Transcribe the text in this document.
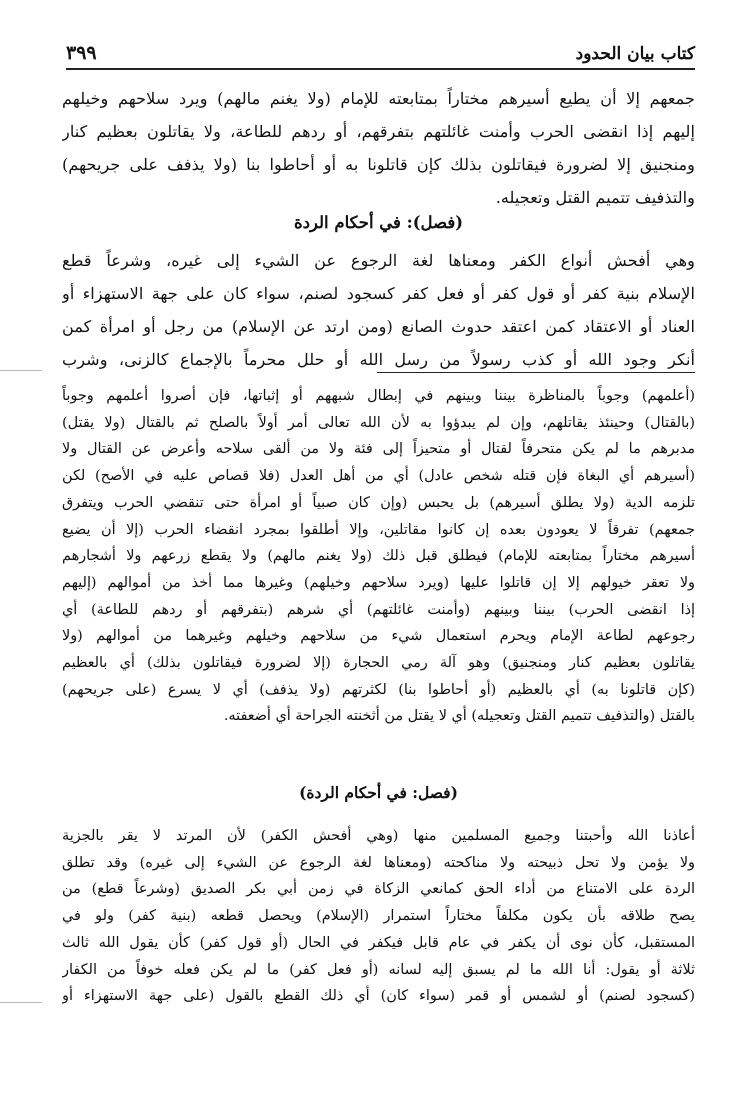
كتاب بيان الحدود
٣٩٩
جمعهم إلا أن يطيع أسيرهم مختاراً بمتابعته للإمام (ولا يغنم مالهم) ويرد سلاحهم وخيلهم
إليهم إذا انقضى الحرب وأمنت غائلتهم بتفرقهم، أو ردهم للطاعة، ولا يقاتلون بعظيم كنار
ومنجنيق إلا لضرورة فيقاتلون بذلك كإن قاتلونا به أو أحاطوا بنا (ولا يذفف على جريحهم)
والتذفيف تتميم القتل وتعجيله.
(فصل): في أحكام الردة
وهي أفحش أنواع الكفر ومعناها لغة الرجوع عن الشيء إلى غيره، وشرعاً قطع
الإسلام بنية كفر أو قول كفر أو فعل كفر كسجود لصنم، سواء كان على جهة الاستهزاء أو
العناد أو الاعتقاد كمن اعتقد حدوث الصانع (ومن ارتد عن الإسلام) من رجل أو امرأة كمن
أنكر وجود الله أو كذب رسولاً من رسل الله أو حلل محرماً بالإجماع كالزنى، وشرب
(أعلمهم) وجوباً بالمناظرة بيننا وبينهم في إبطال شبههم أو إثباتها، فإن أصروا أعلمهم وجوباً
(بالقتال) وحينئذ يقاتلهم، وإن لم يبدؤوا به لأن الله تعالى أمر أولاً بالصلح ثم بالقتال (ولا يقتل)
مدبرهم ما لم يكن متحرفاً لقتال أو متحيزاً إلى فئة ولا من ألقى سلاحه وأعرض عن القتال ولا
(أسيرهم أي البغاة فإن قتله شخص عادل) أي من أهل العدل (فلا قصاص عليه في الأصح) لكن
تلزمه الدية (ولا يطلق أسيرهم) بل يحبس (وإن كان صبياً أو امرأة حتى تنقضي الحرب ويتفرق
جمعهم) تفرقاً لا يعودون بعده إن كانوا مقاتلين، وإلا أطلقوا بمجرد انقضاء الحرب (إلا أن يضيع
أسيرهم مختاراً بمتابعته للإمام) فيطلق قبل ذلك (ولا يغنم مالهم) ولا يقطع زرعهم ولا أشجارهم
ولا تعقر خيولهم إلا إن قاتلوا عليها (ويرد سلاحهم وخيلهم) وغيرها مما أخذ من أموالهم (إليهم
إذا انقضى الحرب) بيننا وبينهم (وأمنت غائلتهم) أي شرهم (بتفرقهم أو ردهم للطاعة) أي
رجوعهم لطاعة الإمام ويحرم استعمال شيء من سلاحهم وخيلهم وغيرهما من أموالهم (ولا
يقاتلون بعظيم كنار ومنجنيق) وهو آلة رمي الحجارة (إلا لضرورة فيقاتلون بذلك) أي بالعظيم
(كإن قاتلونا به) أي بالعظيم (أو أحاطوا بنا) لكثرتهم (ولا يذفف) أي لا يسرع (على جريحهم)
بالقتل (والتذفيف تتميم القتل وتعجيله) أي لا يقتل من أثخنته الجراحة أي أضعفته.
(فصل: في أحكام الردة)
أعاذنا الله وأحبتنا وجميع المسلمين منها (وهي أفحش الكفر) لأن المرتد لا يقر بالجزية
ولا يؤمن ولا تحل ذبيحته ولا مناكحته (ومعناها لغة الرجوع عن الشيء إلى غيره) وقد تطلق
الردة على الامتناع من أداء الحق كمانعي الزكاة في زمن أبي بكر الصديق (وشرعاً قطع) من
يصح طلاقه بأن يكون مكلفاً مختاراً استمرار (الإسلام) ويحصل قطعه (بنية كفر) ولو في
المستقبل، كأن نوى أن يكفر في عام قابل فيكفر في الحال (أو قول كفر) كأن يقول الله ثالث
ثلاثة أو يقول: أنا الله ما لم يسبق إليه لسانه (أو فعل كفر) ما لم يكن فعله خوفاً من الكفار
(كسجود لصنم) أو لشمس أو قمر (سواء كان) أي ذلك القطع بالقول (على جهة الاستهزاء أو
